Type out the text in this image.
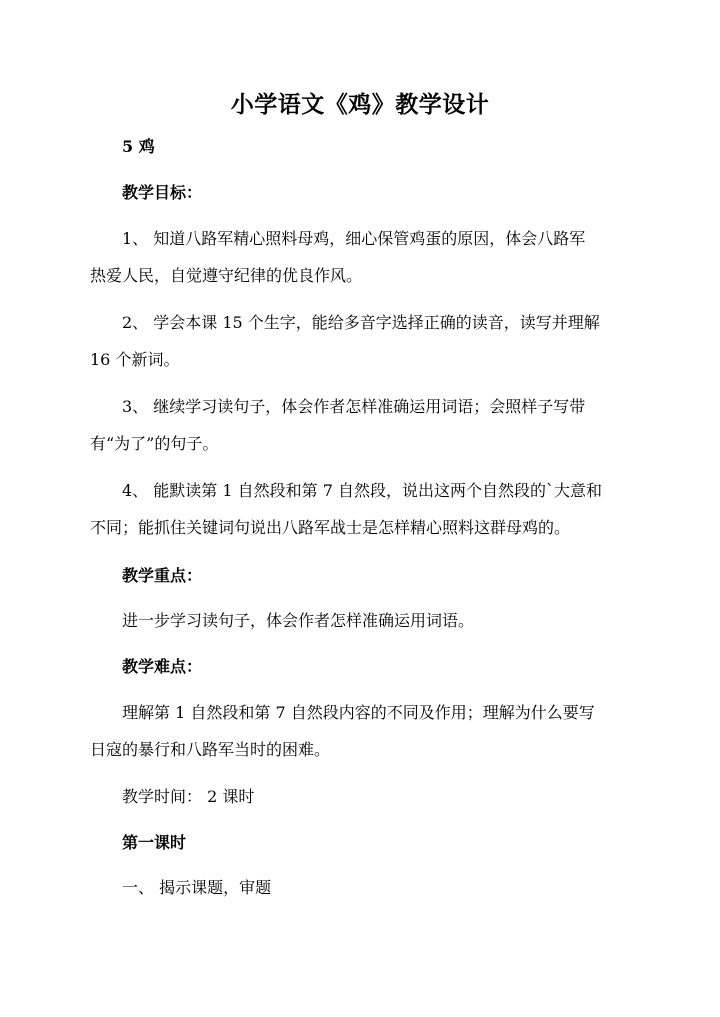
小学语文《鸡》教学设计
5 鸡
教学目标：
1、 知道八路军精心照料母鸡，细心保管鸡蛋的原因，体会八路军
热爱人民，自觉遵守纪律的优良作风。
2、 学会本课 15 个生字，能给多音字选择正确的读音，读写并理解
16 个新词。
3、 继续学习读句子，体会作者怎样准确运用词语；会照样子写带
有“为了”的句子。
4、 能默读第 1 自然段和第 7 自然段，说出这两个自然段的`大意和
不同；能抓住关键词句说出八路军战士是怎样精心照料这群母鸡的。
教学重点：
进一步学习读句子，体会作者怎样准确运用词语。
教学难点：
理解第 1 自然段和第 7 自然段内容的不同及作用；理解为什么要写
日寇的暴行和八路军当时的困难。
教学时间： 2 课时
第一课时
一、 揭示课题，审题
